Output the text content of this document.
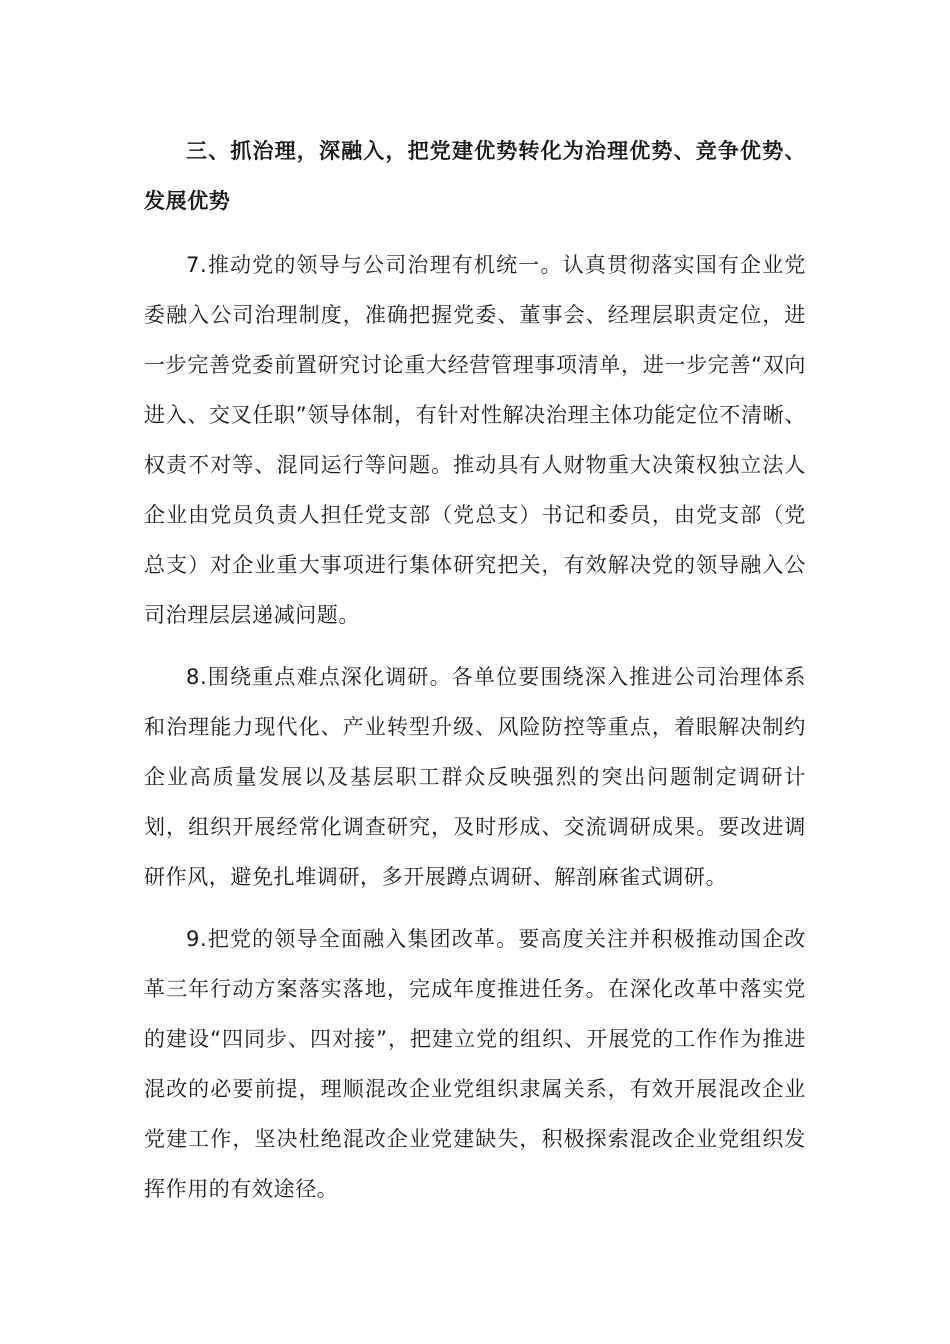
三、抓治理，深融入，把党建优势转化为治理优势、竞争优势、发展优势

7.推动党的领导与公司治理有机统一。认真贯彻落实国有企业党委融入公司治理制度，准确把握党委、董事会、经理层职责定位，进一步完善党委前置研究讨论重大经营管理事项清单，进一步完善“双向进入、交叉任职”领导体制，有针对性解决治理主体功能定位不清晰、权责不对等、混同运行等问题。推动具有人财物重大决策权独立法人企业由党员负责人担任党支部（党总支）书记和委员，由党支部（党总支）对企业重大事项进行集体研究把关，有效解决党的领导融入公司治理层层递减问题。

8.围绕重点难点深化调研。各单位要围绕深入推进公司治理体系和治理能力现代化、产业转型升级、风险防控等重点，着眼解决制约企业高质量发展以及基层职工群众反映强烈的突出问题制定调研计划，组织开展经常化调查研究，及时形成、交流调研成果。要改进调研作风，避免扎堆调研，多开展蹲点调研、解剖麻雀式调研。

9.把党的领导全面融入集团改革。要高度关注并积极推动国企改革三年行动方案落实落地，完成年度推进任务。在深化改革中落实党的建设“四同步、四对接”，把建立党的组织、开展党的工作作为推进混改的必要前提，理顺混改企业党组织隶属关系，有效开展混改企业党建工作，坚决杜绝混改企业党建缺失，积极探索混改企业党组织发挥作用的有效途径。
